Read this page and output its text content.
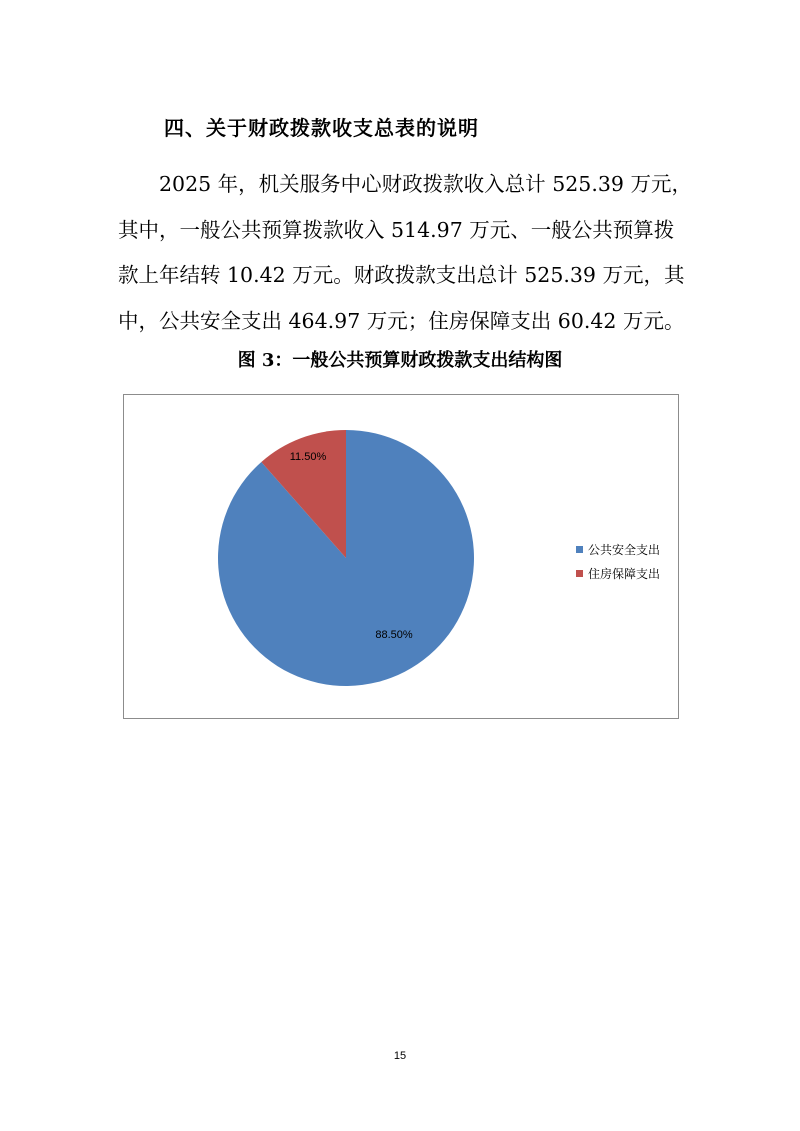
四、关于财政拨款收支总表的说明

2025 年，机关服务中心财政拨款收入总计 525.39 万元，
其中，一般公共预算拨款收入 514.97 万元、一般公共预算拨
款上年结转 10.42 万元。财政拨款支出总计 525.39 万元，其
中，公共安全支出 464.97 万元；住房保障支出 60.42 万元。

图 3：一般公共预算财政拨款支出结构图

88.50%
11.50%
公共安全支出
住房保障支出

15
